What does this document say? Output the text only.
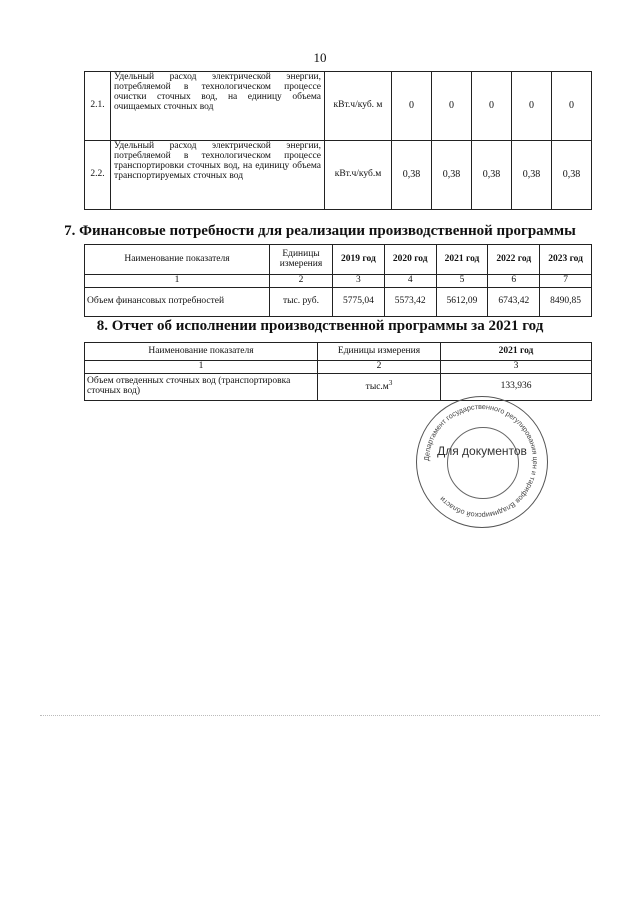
10
2.1.	Удельный расход электрической энергии, потребляемой в технологическом процессе очистки сточных вод, на единицу объема очищаемых сточных вод	кВт.ч/куб. м	0	0	0	0	0
2.2.	Удельный расход электрической энергии, потребляемой в технологическом процессе транспортировки сточных вод, на единицу объема транспортируемых сточных вод	кВт.ч/куб.м	0,38	0,38	0,38	0,38	0,38
7. Финансовые потребности для реализации производственной программы
Наименование показателя	Единицы измерения	2019 год	2020 год	2021 год	2022 год	2023 год
1	2	3	4	5	6	7
Объем финансовых потребностей	тыс. руб.	5775,04	5573,42	5612,09	6743,42	8490,85
8. Отчет об исполнении производственной программы за 2021 год
Наименование показателя	Единицы измерения	2021 год
1	2	3
Объем отведенных сточных вод (транспортировка сточных вод)	$тыс.м^3$	133,936
Для документов
Департамент государственного регулирования цен и тарифов Владимирской области
